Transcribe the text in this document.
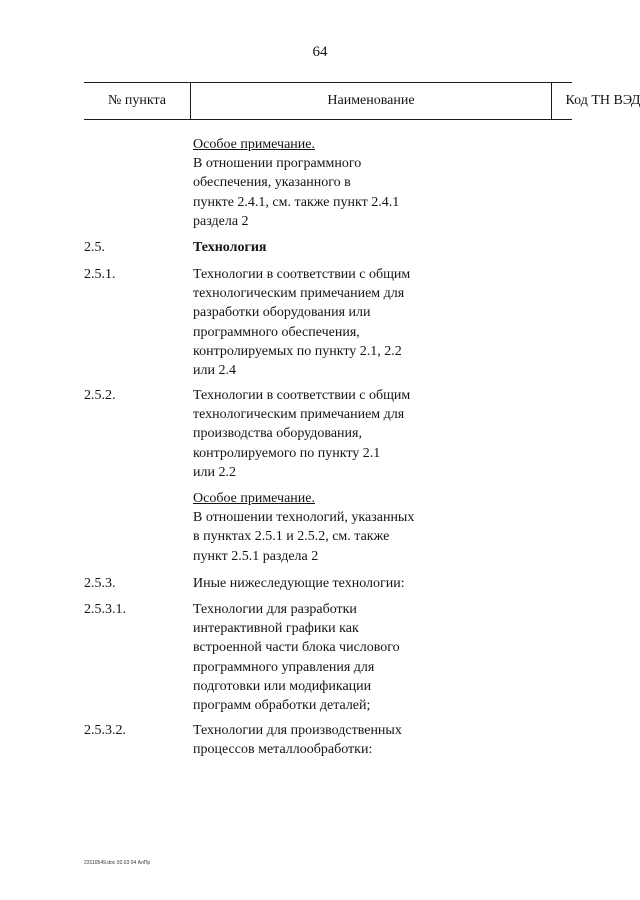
64
№ пункта	Наименование	Код ТН ВЭД
Особое примечание.
В отношении программного
обеспечения, указанного в
пункте 2.4.1, см. также пункт 2.4.1
раздела 2
2.5.	Технология
2.5.1.	Технологии в соответствии с общим
технологическим примечанием для
разработки оборудования или
программного обеспечения,
контролируемых по пункту 2.1, 2.2
или 2.4
2.5.2.	Технологии в соответствии с общим
технологическим примечанием для
производства оборудования,
контролируемого по пункту 2.1
или 2.2
Особое примечание.
В отношении технологий, указанных
в пунктах 2.5.1 и 2.5.2, см. также
пункт 2.5.1 раздела 2
2.5.3.	Иные нижеследующие технологии:
2.5.3.1.	Технологии для разработки
интерактивной графики как
встроенной части блока числового
программного управления для
подготовки или модификации
программ обработки деталей;
2.5.3.2.	Технологии для производственных
процессов металлообработки:
23110549.doc 02.03 04 АлПр
